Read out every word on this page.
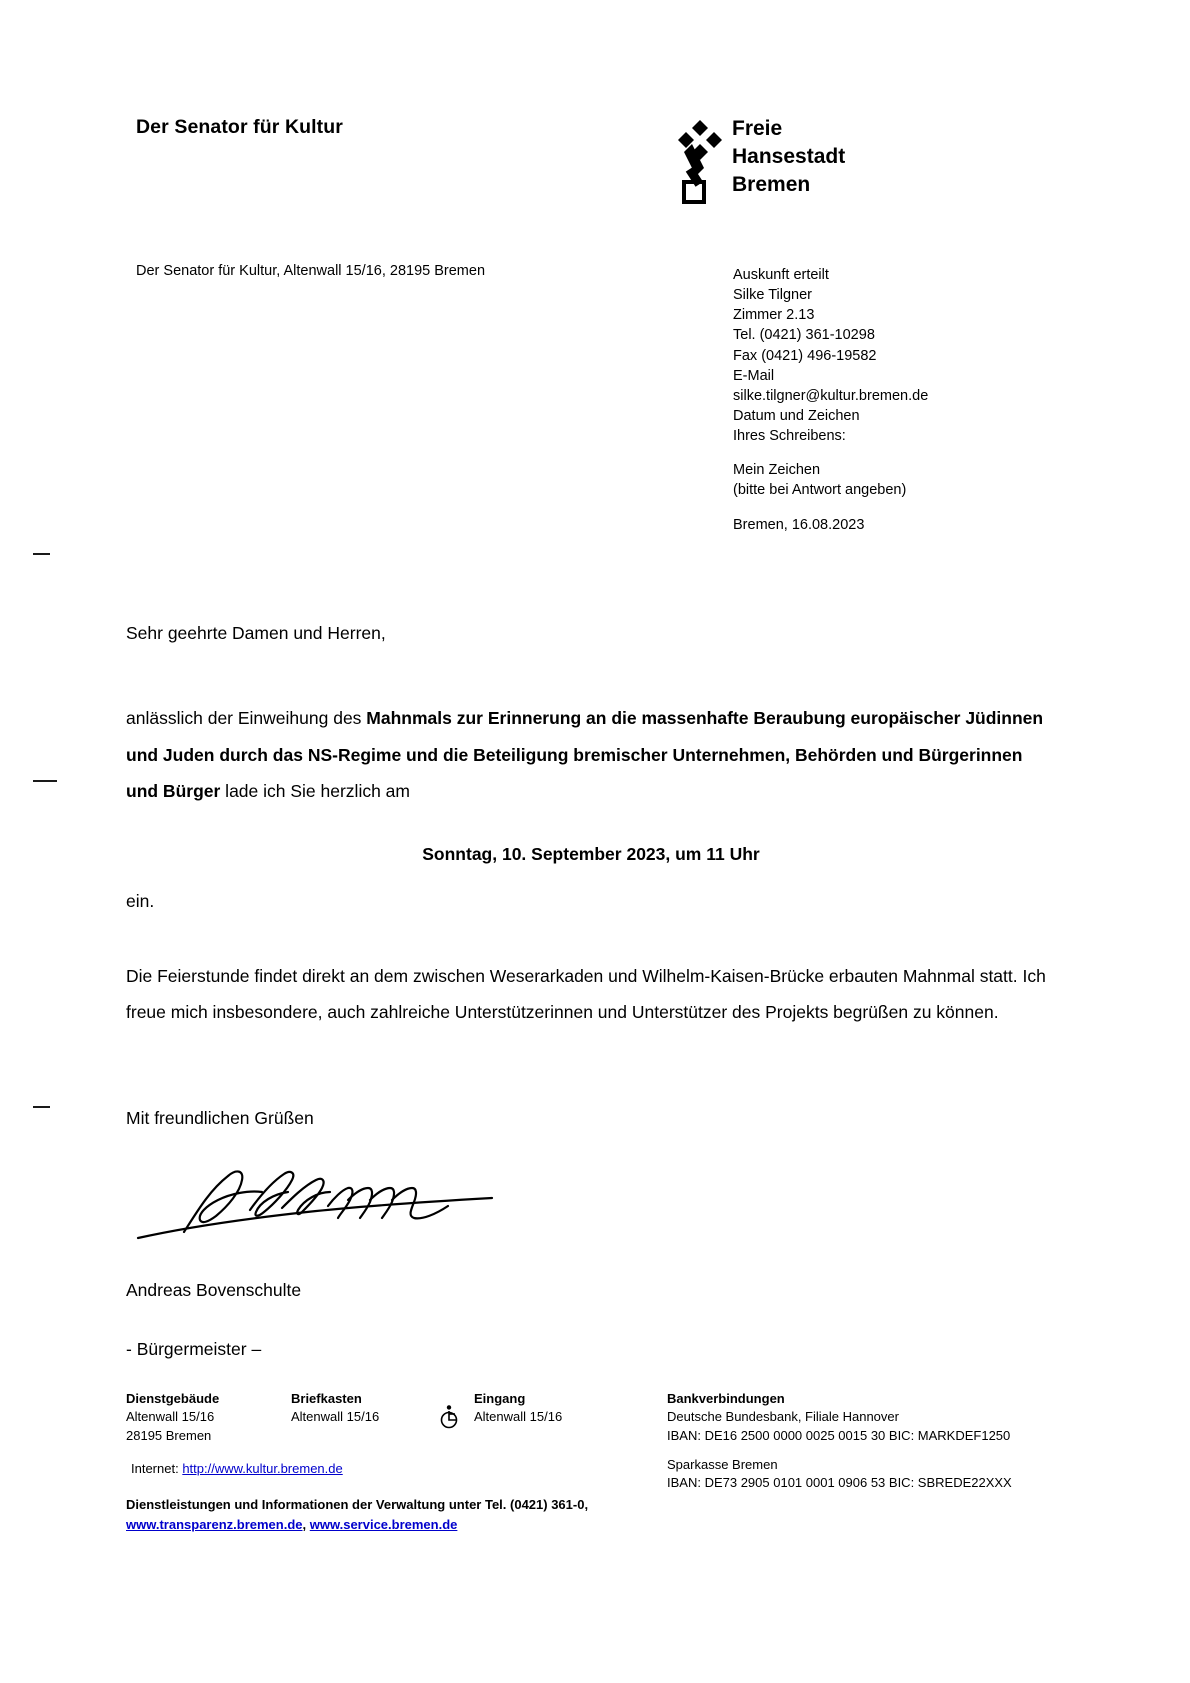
Der Senator für Kultur	Freie
Hansestadt
Bremen
Der Senator für Kultur, Altenwall 15/16, 28195 Bremen	Auskunft erteilt
Silke Tilgner
Zimmer 2.13
Tel. (0421) 361-10298
Fax (0421) 496-19582
E-Mail
silke.tilgner@kultur.bremen.de
Datum und Zeichen
Ihres Schreibens:
Mein Zeichen
(bitte bei Antwort angeben)
Bremen, 16.08.2023

Sehr geehrte Damen und Herren,

anlässlich der Einweihung des Mahnmals zur Erinnerung an die massenhafte Beraubung europäischer Jüdinnen und Juden durch das NS-Regime und die Beteiligung bremischer Unternehmen, Behörden und Bürgerinnen und Bürger lade ich Sie herzlich am

Sonntag, 10. September 2023, um 11 Uhr

ein.

Die Feierstunde findet direkt an dem zwischen Weserarkaden und Wilhelm-Kaisen-Brücke erbauten Mahnmal statt. Ich freue mich insbesondere, auch zahlreiche Unterstützerinnen und Unterstützer des Projekts begrüßen zu können.

Mit freundlichen Grüßen

Andreas Bovenschulte

- Bürgermeister –

Dienstgebäude
Altenwall 15/16
28195 Bremen
Briefkasten
Altenwall 15/16
Eingang
Altenwall 15/16
Bankverbindungen
Deutsche Bundesbank, Filiale Hannover
IBAN: DE16 2500 0000 0025 0015 30 BIC: MARKDEF1250
Sparkasse Bremen
IBAN: DE73 2905 0101 0001 0906 53 BIC: SBREDE22XXX
Internet: http://www.kultur.bremen.de
Dienstleistungen und Informationen der Verwaltung unter Tel. (0421) 361-0,
www.transparenz.bremen.de, www.service.bremen.de
